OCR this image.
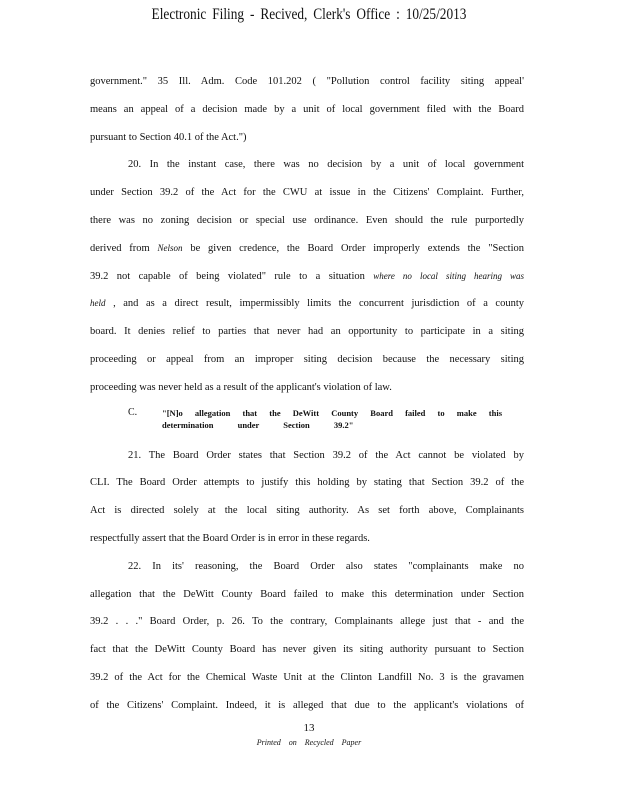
Electronic Filing - Recived, Clerk's Office : 10/25/2013

government." 35 Ill. Adm. Code 101.202 ( "Pollution control facility siting appeal'
means an appeal of a decision made by a unit of local government filed with the Board
pursuant to Section 40.1 of the Act.")

20. In the instant case, there was no decision by a unit of local government
under Section 39.2 of the Act for the CWU at issue in the Citizens' Complaint. Further,
there was no zoning decision or special use ordinance. Even should the rule purportedly
derived from Nelson be given credence, the Board Order improperly extends the "Section
39.2 not capable of being violated" rule to a situation where no local siting hearing was
held , and as a direct result, impermissibly limits the concurrent jurisdiction of a county
board. It denies relief to parties that never had an opportunity to participate in a siting
proceeding or appeal from an improper siting decision because the necessary siting
proceeding was never held as a result of the applicant's violation of law.

C.	"[N]o allegation that the DeWitt County Board failed to make this
determination under Section 39.2"

21. The Board Order states that Section 39.2 of the Act cannot be violated by
CLI. The Board Order attempts to justify this holding by stating that Section 39.2 of the
Act is directed solely at the local siting authority. As set forth above, Complainants
respectfully assert that the Board Order is in error in these regards.

22. In its' reasoning, the Board Order also states "complainants make no
allegation that the DeWitt County Board failed to make this determination under Section
39.2 . . ." Board Order, p. 26. To the contrary, Complainants allege just that - and the
fact that the DeWitt County Board has never given its siting authority pursuant to Section
39.2 of the Act for the Chemical Waste Unit at the Clinton Landfill No. 3 is the gravamen
of the Citizens' Complaint. Indeed, it is alleged that due to the applicant's violations of

13
Printed on Recycled Paper
